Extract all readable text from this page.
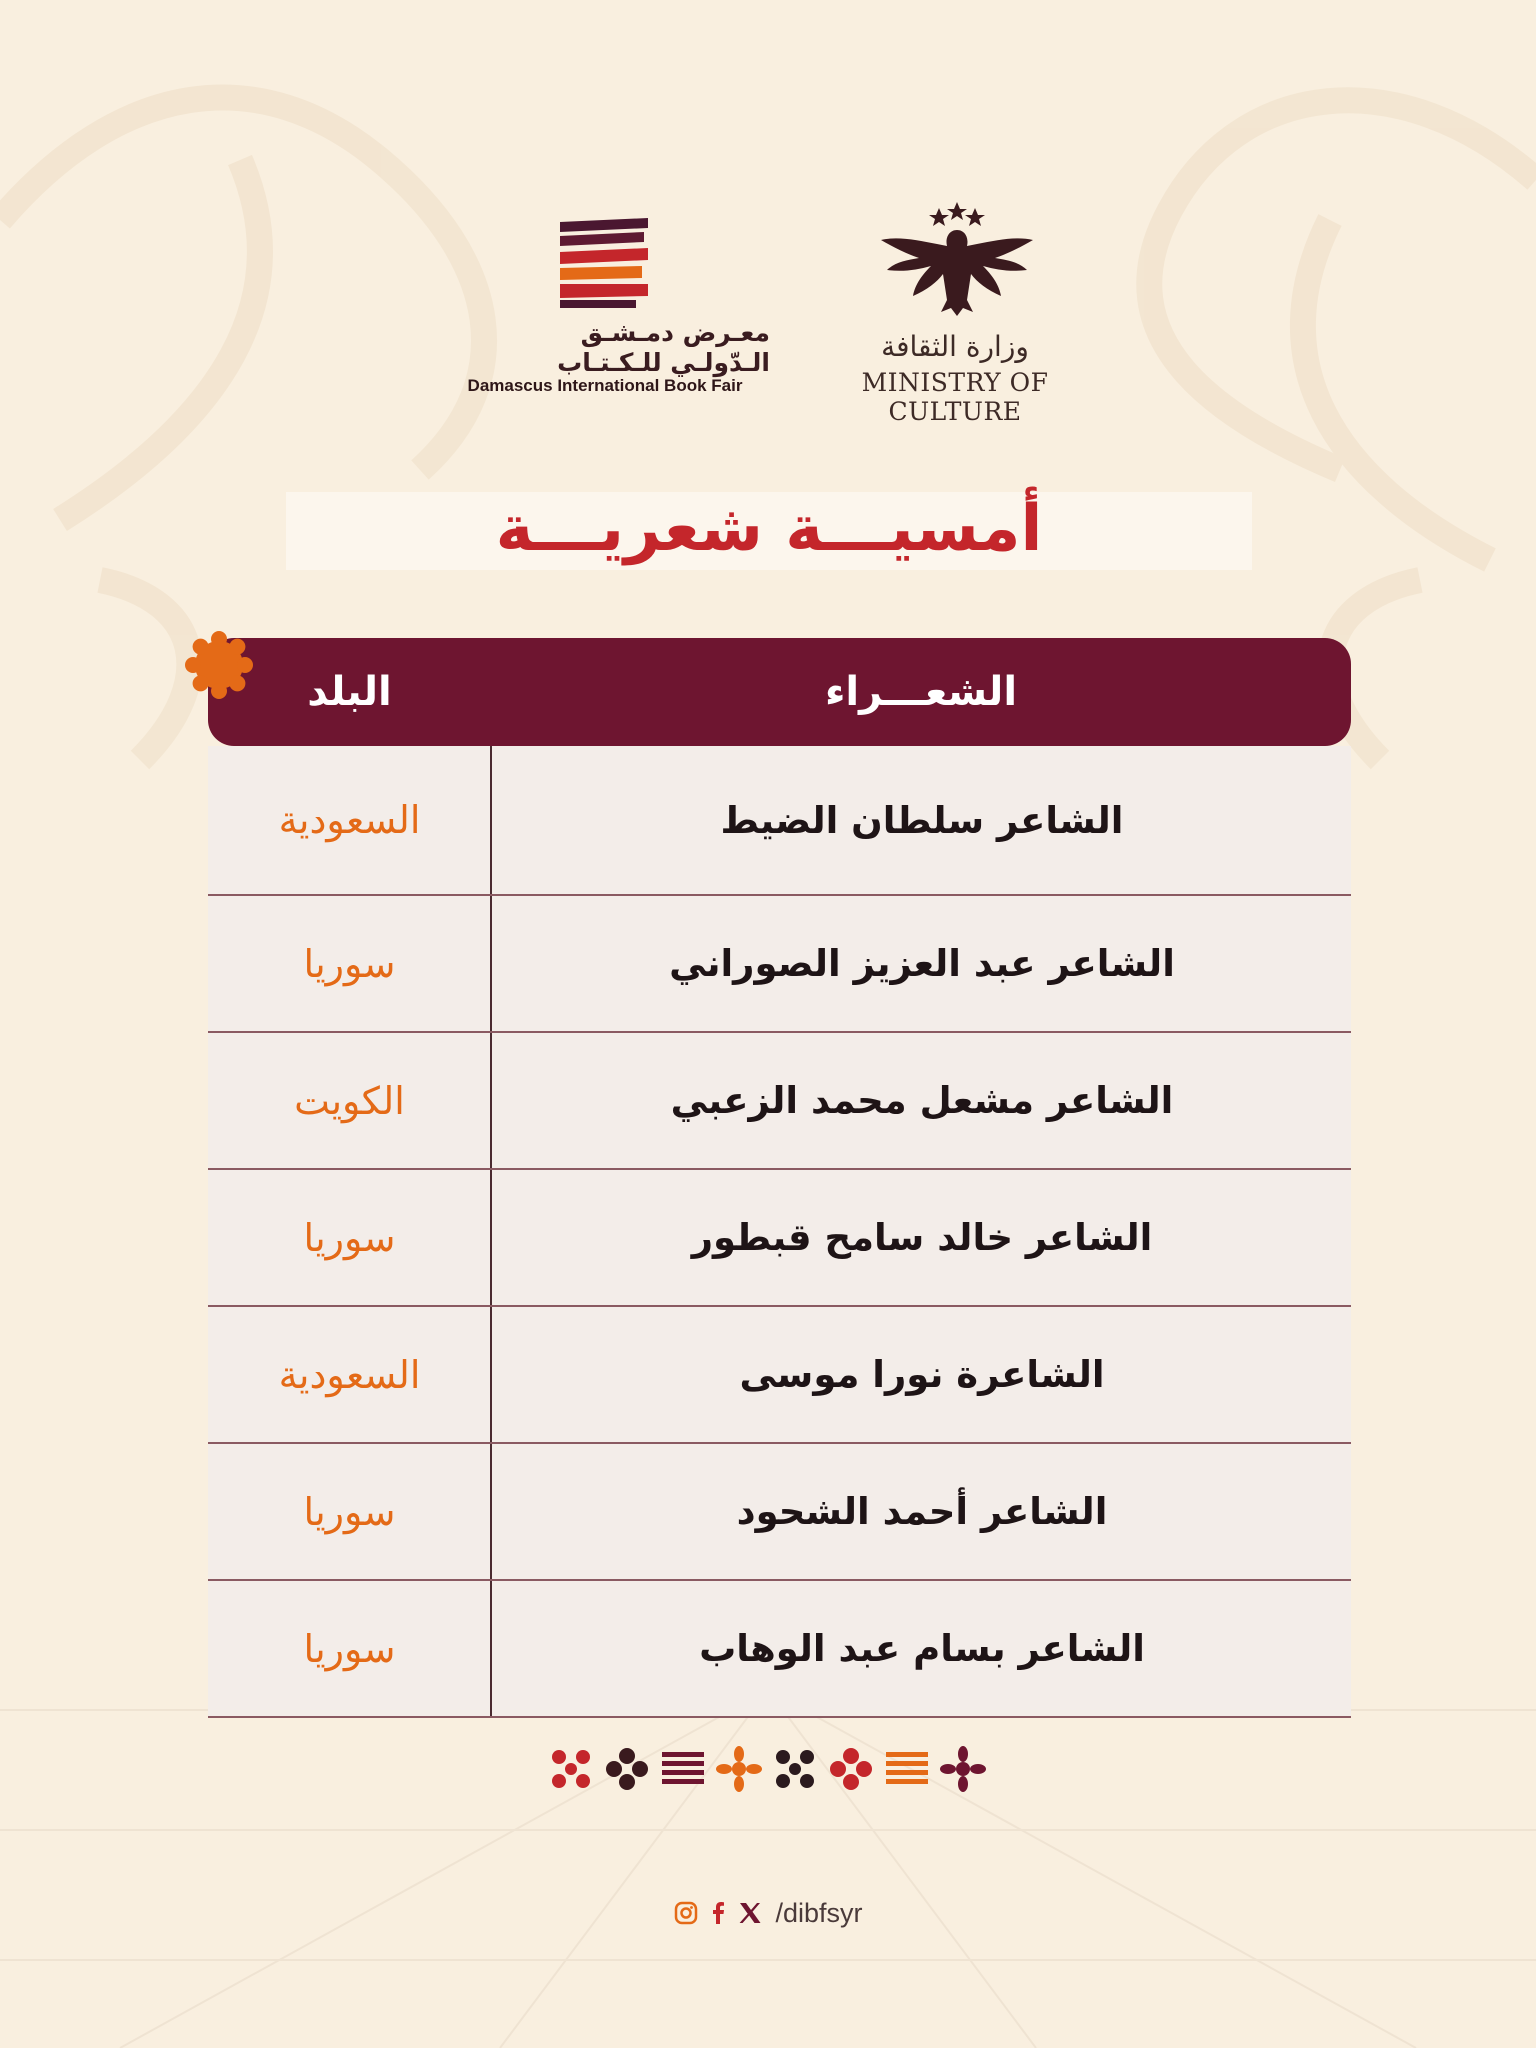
وزارة الثقافة
MINISTRY OF CULTURE
معـرض دمـشـق
الـدّولـي للـكـتـاب
Damascus International Book Fair
أمسيـــة شعريـــة
الشعـــراء
البلد
الشاعر سلطان الضيط
السعودية
الشاعر عبد العزيز الصوراني
سوريا
الشاعر مشعل محمد الزعبي
الكويت
الشاعر خالد سامح قبطور
سوريا
الشاعرة نورا موسى
السعودية
الشاعر أحمد الشحود
سوريا
الشاعر بسام عبد الوهاب
سوريا
/dibfsyr
